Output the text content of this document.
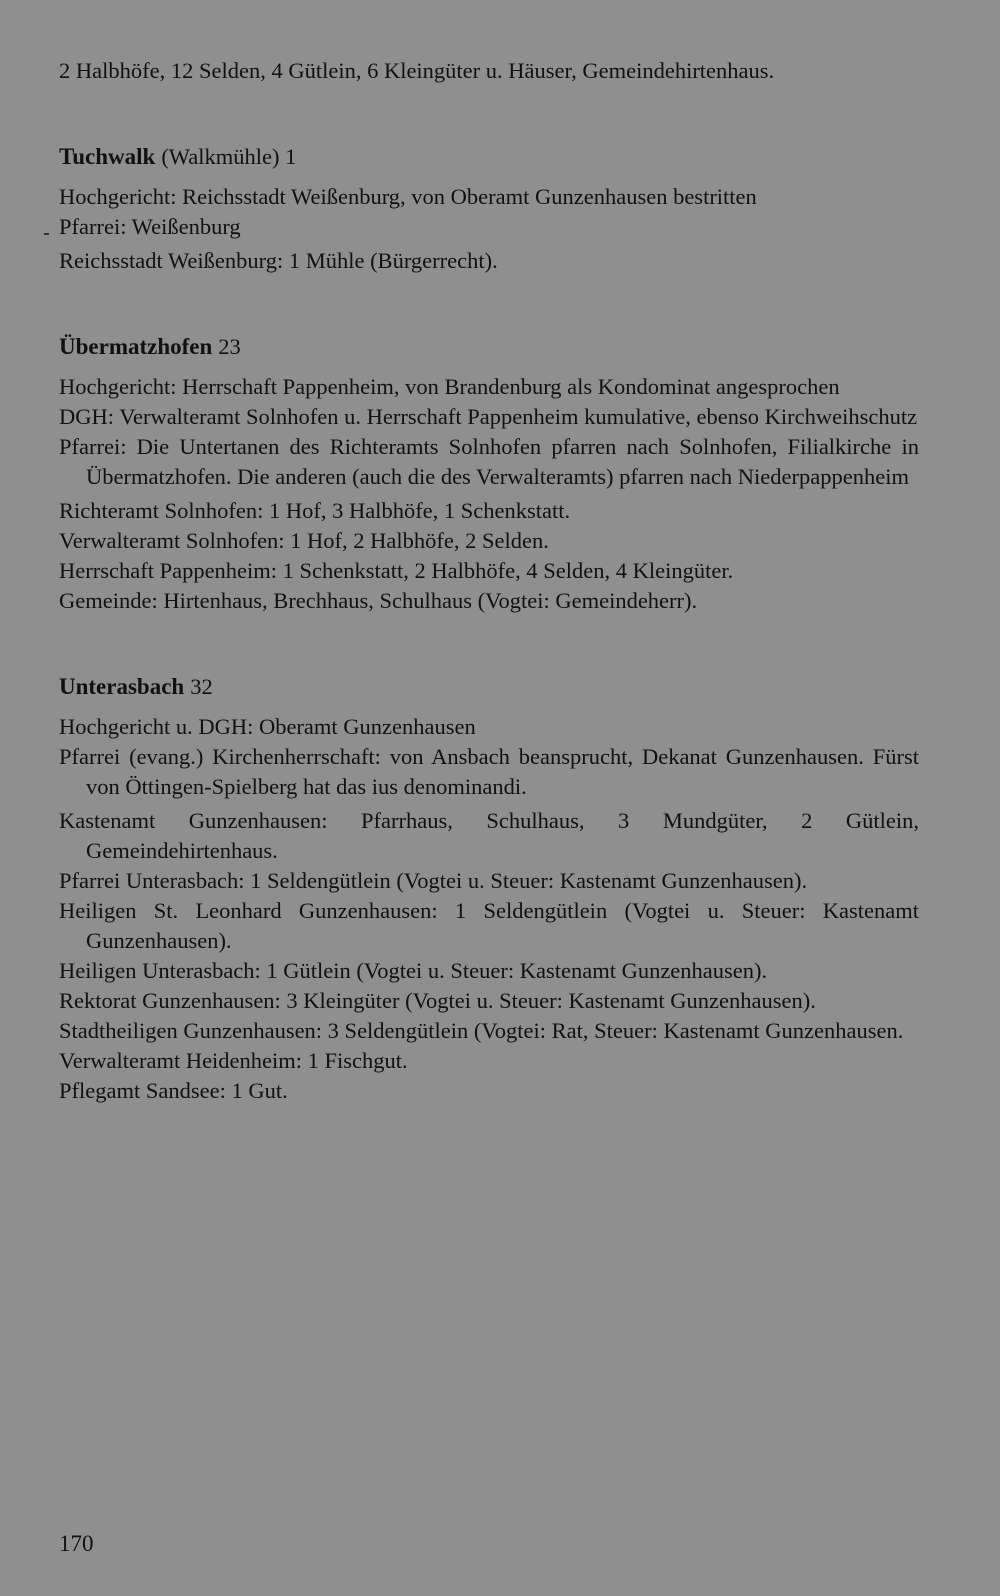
2 Halbhöfe, 12 Selden, 4 Gütlein, 6 Kleingüter u. Häuser, Gemeindehirtenhaus.

Tuchwalk (Walkmühle) 1

Hochgericht: Reichsstadt Weißenburg, von Oberamt Gunzenhausen bestritten

Pfarrei: Weißenburg

Reichsstadt Weißenburg: 1 Mühle (Bürgerrecht).

Übermatzhofen 23

Hochgericht: Herrschaft Pappenheim, von Brandenburg als Kondominat angesprochen

DGH: Verwalteramt Solnhofen u. Herrschaft Pappenheim kumulative, ebenso Kirchweihschutz

Pfarrei: Die Untertanen des Richteramts Solnhofen pfarren nach Solnhofen, Filialkirche in Übermatzhofen. Die anderen (auch die des Verwalteramts) pfarren nach Niederpappenheim

Richteramt Solnhofen: 1 Hof, 3 Halbhöfe, 1 Schenkstatt.

Verwalteramt Solnhofen: 1 Hof, 2 Halbhöfe, 2 Selden.

Herrschaft Pappenheim: 1 Schenkstatt, 2 Halbhöfe, 4 Selden, 4 Kleingüter.

Gemeinde: Hirtenhaus, Brechhaus, Schulhaus (Vogtei: Gemeindeherr).

Unterasbach 32

Hochgericht u. DGH: Oberamt Gunzenhausen

Pfarrei (evang.) Kirchenherrschaft: von Ansbach beansprucht, Dekanat Gunzenhausen. Fürst von Öttingen-Spielberg hat das ius denominandi.

Kastenamt Gunzenhausen: Pfarrhaus, Schulhaus, 3 Mundgüter, 2 Gütlein, Gemeindehirtenhaus.

Pfarrei Unterasbach: 1 Seldengütlein (Vogtei u. Steuer: Kastenamt Gunzenhausen).

Heiligen St. Leonhard Gunzenhausen: 1 Seldengütlein (Vogtei u. Steuer: Kastenamt Gunzenhausen).

Heiligen Unterasbach: 1 Gütlein (Vogtei u. Steuer: Kastenamt Gunzenhausen).

Rektorat Gunzenhausen: 3 Kleingüter (Vogtei u. Steuer: Kastenamt Gunzenhausen).

Stadtheiligen Gunzenhausen: 3 Seldengütlein (Vogtei: Rat, Steuer: Kastenamt Gunzenhausen.

Verwalteramt Heidenheim: 1 Fischgut.

Pflegamt Sandsee: 1 Gut.

170
